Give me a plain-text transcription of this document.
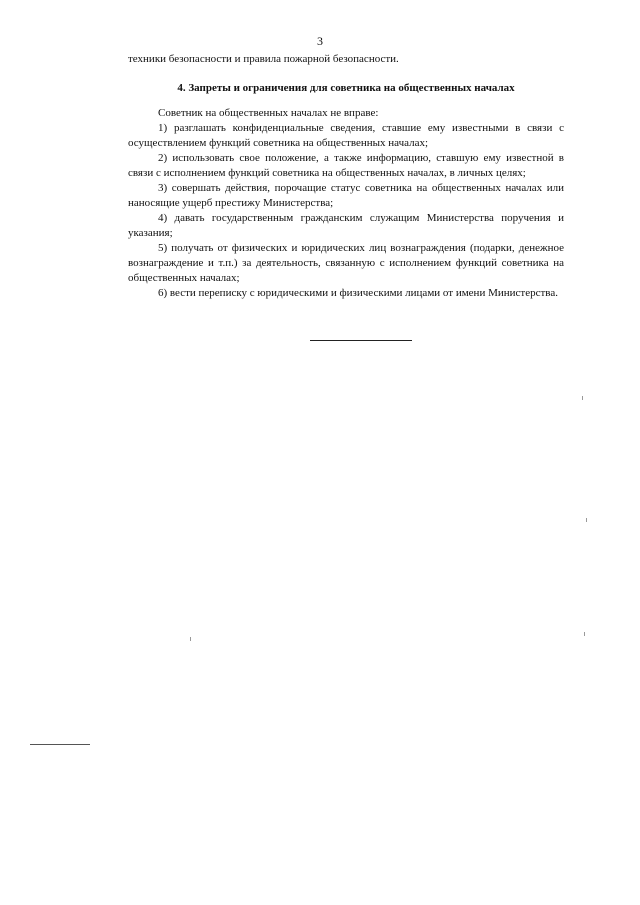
3

техники безопасности и правила пожарной безопасности.

4. Запреты и ограничения для советника на общественных началах

Советник на общественных началах не вправе:

1) разглашать конфиденциальные сведения, ставшие ему известными в связи с осуществлением функций советника на общественных началах;

2) использовать свое положение, а также информацию, ставшую ему известной в связи с исполнением функций советника на общественных началах, в личных целях;

3) совершать действия, порочащие статус советника на общественных началах или наносящие ущерб престижу Министерства;

4) давать государственным гражданским служащим Министерства поручения и указания;

5) получать от физических и юридических лиц вознаграждения (подарки, денежное вознаграждение и т.п.) за деятельность, связанную с исполнением функций советника на общественных началах;

6) вести переписку с юридическими и физическими лицами от имени Министерства.
